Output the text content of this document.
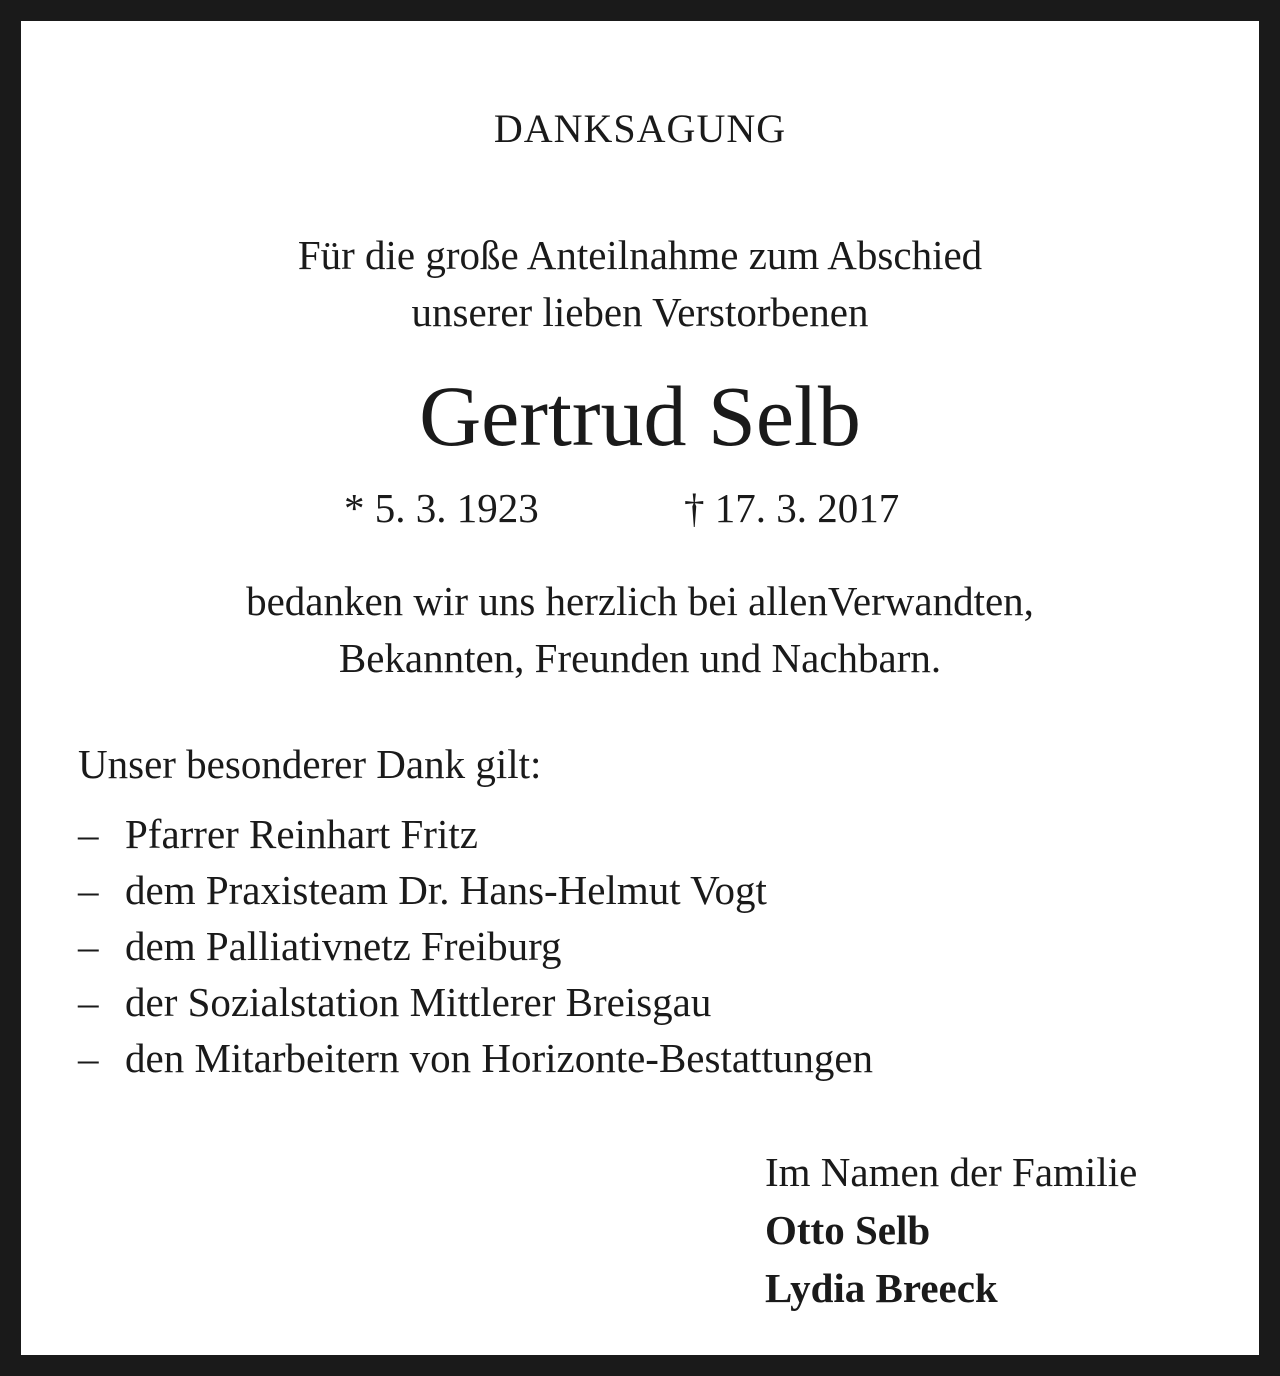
DANKSAGUNG
Für die große Anteilnahme zum Abschied
unserer lieben Verstorbenen
Gertrud Selb
* 5. 3. 1923	† 17. 3. 2017
bedanken wir uns herzlich bei allenVerwandten,
Bekannten, Freunden und Nachbarn.
Unser besonderer Dank gilt:
– Pfarrer Reinhart Fritz
– dem Praxisteam Dr. Hans-Helmut Vogt
– dem Palliativnetz Freiburg
– der Sozialstation Mittlerer Breisgau
– den Mitarbeitern von Horizonte-Bestattungen
Im Namen der Familie
Otto Selb
Lydia Breeck
